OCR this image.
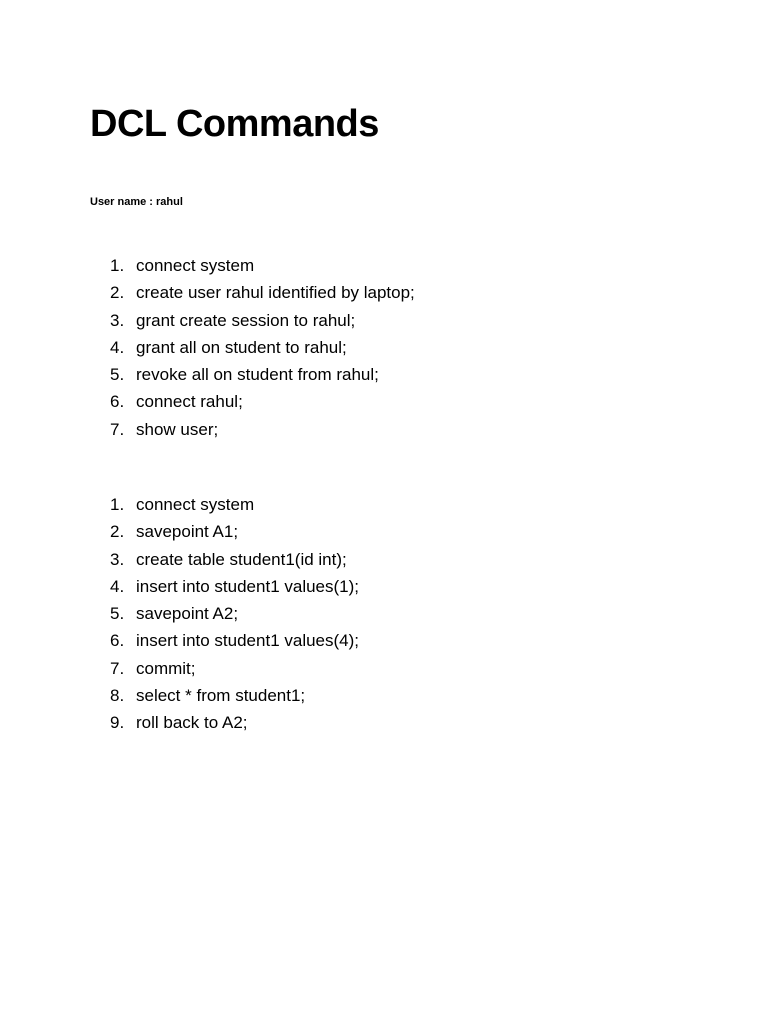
DCL Commands

User name : rahul

1. connect system
2. create user rahul identified by laptop;
3. grant create session to rahul;
4. grant all on student to rahul;
5. revoke all on student from rahul;
6. connect rahul;
7. show user;
1. connect system
2. savepoint A1;
3. create table student1(id int);
4. insert into student1 values(1);
5. savepoint A2;
6. insert into student1 values(4);
7. commit;
8. select * from student1;
9. roll back to A2;
